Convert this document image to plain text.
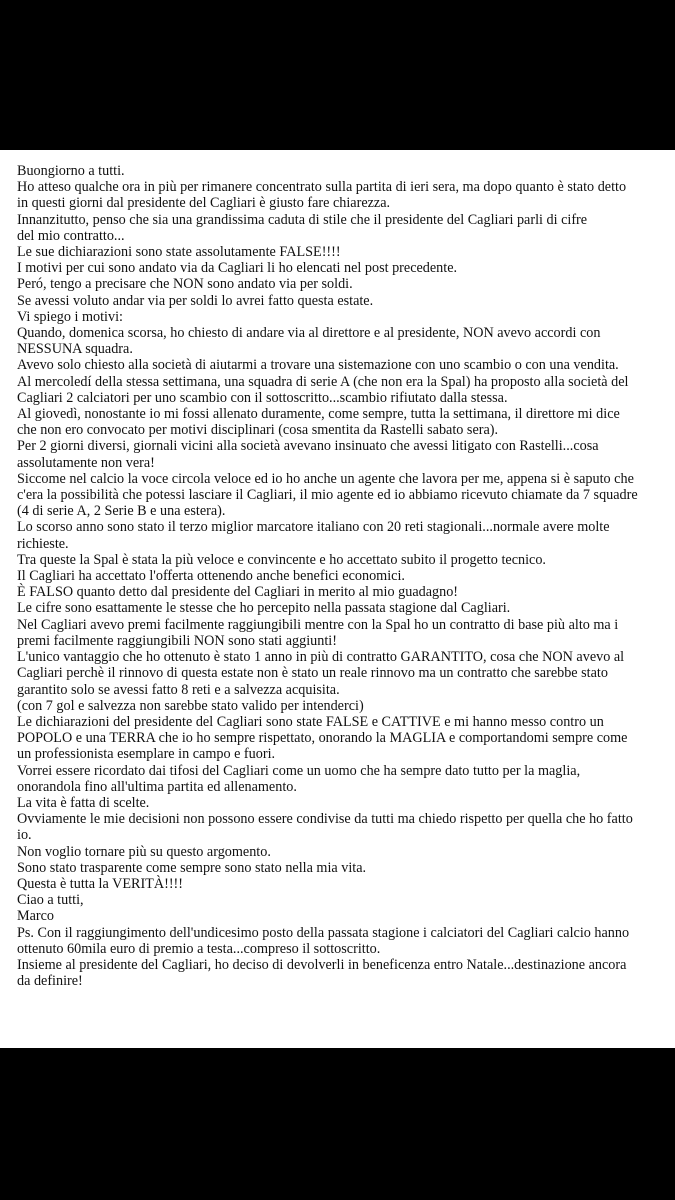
Buongiorno a tutti.

Ho atteso qualche ora in più per rimanere concentrato sulla partita di ieri sera, ma dopo quanto è stato detto

in questi giorni dal presidente del Cagliari è giusto fare chiarezza.

Innanzitutto, penso che sia una grandissima caduta di stile che il presidente del Cagliari parli di cifre

del mio contratto...

Le sue dichiarazioni sono state assolutamente FALSE!!!!

I motivi per cui sono andato via da Cagliari li ho elencati nel post precedente.

Peró, tengo a precisare che NON sono andato via per soldi.

Se avessi voluto andar via per soldi lo avrei fatto questa estate.

Vi spiego i motivi:

Quando, domenica scorsa, ho chiesto di andare via al direttore e al presidente, NON avevo accordi con

NESSUNA squadra.

Avevo solo chiesto alla società di aiutarmi a trovare una sistemazione con uno scambio o con una vendita.

Al mercoledí della stessa settimana, una squadra di serie A (che non era la Spal) ha proposto alla società del

Cagliari 2 calciatori per uno scambio con il sottoscritto...scambio rifiutato dalla stessa.

Al giovedì, nonostante io mi fossi allenato duramente, come sempre, tutta la settimana, il direttore mi dice

che non ero convocato per motivi disciplinari (cosa smentita da Rastelli sabato sera).

Per 2 giorni diversi, giornali vicini alla società avevano insinuato che avessi litigato con Rastelli...cosa

assolutamente non vera!

Siccome nel calcio la voce circola veloce ed io ho anche un agente che lavora per me, appena si è saputo che

c'era la possibilità che potessi lasciare il Cagliari, il mio agente ed io abbiamo ricevuto chiamate da 7 squadre

(4 di serie A, 2 Serie B e una estera).

Lo scorso anno sono stato il terzo miglior marcatore italiano con 20 reti stagionali...normale avere molte

richieste.

Tra queste la Spal è stata la più veloce e convincente e ho accettato subito il progetto tecnico.

Il Cagliari ha accettato l'offerta ottenendo anche benefici economici.

È FALSO quanto detto dal presidente del Cagliari in merito al mio guadagno!

Le cifre sono esattamente le stesse che ho percepito nella passata stagione dal Cagliari.

Nel Cagliari avevo premi facilmente raggiungibili mentre con la Spal ho un contratto di base più alto ma i

premi facilmente raggiungibili NON sono stati aggiunti!

L'unico vantaggio che ho ottenuto è stato 1 anno in più di contratto GARANTITO, cosa che NON avevo al

Cagliari perchè il rinnovo di questa estate non è stato un reale rinnovo ma un contratto che sarebbe stato

garantito solo se avessi fatto 8 reti e a salvezza acquisita.

(con 7 gol e salvezza non sarebbe stato valido per intenderci)

Le dichiarazioni del presidente del Cagliari sono state FALSE e CATTIVE e mi hanno messo contro un

POPOLO e una TERRA che io ho sempre rispettato, onorando la MAGLIA e comportandomi sempre come

un professionista esemplare in campo e fuori.

Vorrei essere ricordato dai tifosi del Cagliari come un uomo che ha sempre dato tutto per la maglia,

onorandola fino all'ultima partita ed allenamento.

La vita è fatta di scelte.

Ovviamente le mie decisioni non possono essere condivise da tutti ma chiedo rispetto per quella che ho fatto

io.

Non voglio tornare più su questo argomento.

Sono stato trasparente come sempre sono stato nella mia vita.

Questa è tutta la VERITÀ!!!!

Ciao a tutti,

Marco

Ps. Con il raggiungimento dell'undicesimo posto della passata stagione i calciatori del Cagliari calcio hanno

ottenuto 60mila euro di premio a testa...compreso il sottoscritto.

Insieme al presidente del Cagliari, ho deciso di devolverli in beneficenza entro Natale...destinazione ancora

da definire!
